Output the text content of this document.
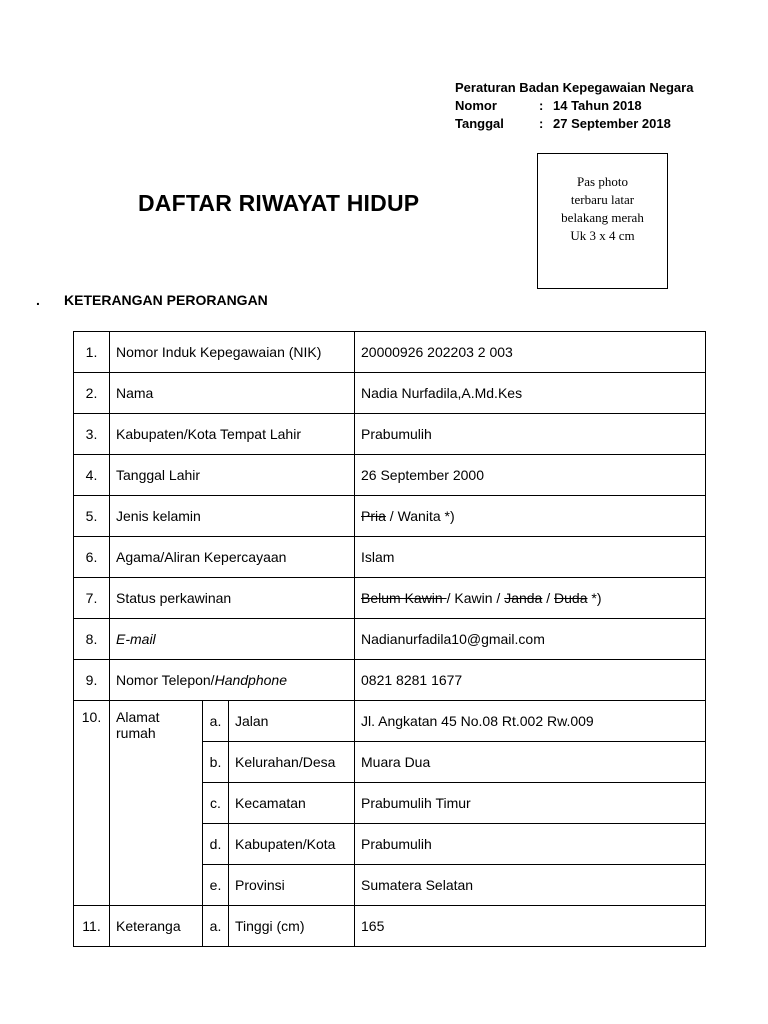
Peraturan Badan Kepegawaian Negara
Nomor	: 14 Tahun 2018
Tanggal	: 27 September 2018
Pas photo
terbaru latar
belakang merah
Uk 3 x 4 cm
DAFTAR RIWAYAT HIDUP
. KETERANGAN PERORANGAN
1.	Nomor Induk Kepegawaian (NIK)			20000926 202203 2 003
2.	Nama			Nadia Nurfadila,A.Md.Kes
3.	Kabupaten/Kota Tempat Lahir			Prabumulih
4.	Tanggal Lahir			26 September 2000
5.	Jenis kelamin			Pria / Wanita *)
6.	Agama/Aliran Kepercayaan			Islam
7.	Status perkawinan			Belum Kawin / Kawin / Janda / Duda *)
8.	E-mail			Nadianurfadila10@gmail.com
9.	Nomor Telepon/Handphone			0821 8281 1677
10.	Alamat rumah	a.	Jalan	Jl. Angkatan 45 No.08 Rt.002 Rw.009
		b.	Kelurahan/Desa	Muara Dua
		c.	Kecamatan	Prabumulih Timur
		d.	Kabupaten/Kota	Prabumulih
		e.	Provinsi	Sumatera Selatan
11.	Keteranga	a.	Tinggi (cm)	165
